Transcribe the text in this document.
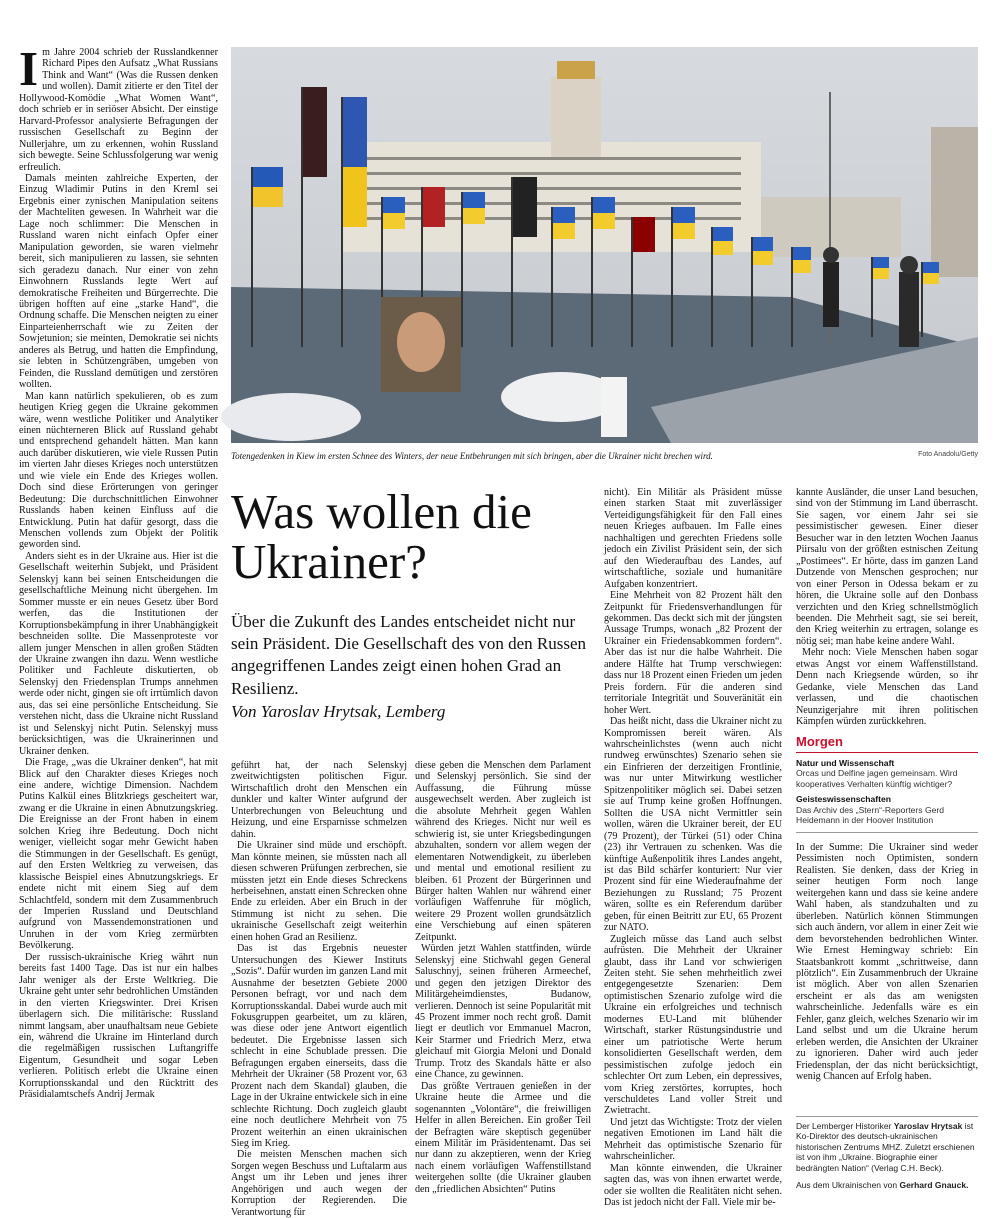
Im Jahre 2004 schrieb der Russlandkenner Richard Pipes den Aufsatz „What Russians Think and Want“ (Was die Russen denken und wollen). Damit zitierte er den Titel der Hollywood-Komödie „What Women Want“, doch schrieb er in seriöser Absicht. Der einstige Harvard-Professor analysierte Befragungen der russischen Gesellschaft zu Beginn der Nullerjahre, um zu erkennen, wohin Russland sich bewegte. Seine Schlussfolgerung war wenig erfreulich.

Damals meinten zahlreiche Experten, der Einzug Wladimir Putins in den Kreml sei Ergebnis einer zynischen Manipulation seitens der Machteliten gewesen. In Wahrheit war die Lage noch schlimmer: Die Menschen in Russland waren nicht einfach Opfer einer Manipulation geworden, sie waren vielmehr bereit, sich manipulieren zu lassen, sie sehnten sich geradezu danach. Nur einer von zehn Einwohnern Russlands legte Wert auf demokratische Freiheiten und Bürgerrechte. Die übrigen hofften auf eine „starke Hand“, die Ordnung schaffe. Die Menschen neigten zu einer Einparteienherrschaft wie zu Zeiten der Sowjetunion; sie meinten, Demokratie sei nichts anderes als Betrug, und hatten die Empfindung, sie lebten in Schützengräben, umgeben von Feinden, die Russland demütigen und zerstören wollten.

Man kann natürlich spekulieren, ob es zum heutigen Krieg gegen die Ukraine gekommen wäre, wenn westliche Politiker und Analytiker einen nüchterneren Blick auf Russland gehabt und entsprechend gehandelt hätten. Man kann auch darüber diskutieren, wie viele Russen Putin im vierten Jahr dieses Krieges noch unterstützen und wie viele ein Ende des Krieges wollen. Doch sind diese Erörterungen von geringer Bedeutung: Die durchschnittlichen Einwohner Russlands haben keinen Einfluss auf die Entwicklung. Putin hat dafür gesorgt, dass die Menschen vollends zum Objekt der Politik geworden sind.

Anders sieht es in der Ukraine aus. Hier ist die Gesellschaft weiterhin Subjekt, und Präsident Selenskyj kann bei seinen Entscheidungen die gesellschaftliche Meinung nicht übergehen. Im Sommer musste er ein neues Gesetz über Bord werfen, das die Institutionen der Korruptionsbekämpfung in ihrer Unabhängigkeit beschneiden sollte. Die Massenproteste vor allem junger Menschen in allen großen Städten der Ukraine zwangen ihn dazu. Wenn westliche Politiker und Fachleute diskutierten, ob Selenskyj den Friedensplan Trumps annehmen werde oder nicht, gingen sie oft irrtümlich davon aus, das sei eine persönliche Entscheidung. Sie verstehen nicht, dass die Ukraine nicht Russland ist und Selenskyj nicht Putin. Selenskyj muss berücksichtigen, was die Ukrainerinnen und Ukrainer denken.

Die Frage, „was die Ukrainer denken“, hat mit Blick auf den Charakter dieses Krieges noch eine andere, wichtige Dimension. Nachdem Putins Kalkül eines Blitzkriegs gescheitert war, zwang er die Ukraine in einen Abnutzungskrieg. Die Ereignisse an der Front haben in einem solchen Krieg ihre Bedeutung. Doch nicht weniger, vielleicht sogar mehr Gewicht haben die Stimmungen in der Gesellschaft. Es genügt, auf den Ersten Weltkrieg zu verweisen, das klassische Beispiel eines Abnutzungskriegs. Er endete nicht mit einem Sieg auf dem Schlachtfeld, sondern mit dem Zusammenbruch der Imperien Russland und Deutschland aufgrund von Massendemonstrationen und Unruhen in der vom Krieg zermürbten Bevölkerung.

Der russisch-ukrainische Krieg währt nun bereits fast 1400 Tage. Das ist nur ein halbes Jahr weniger als der Erste Weltkrieg. Die Ukraine geht unter sehr bedrohlichen Umständen in den vierten Kriegswinter. Drei Krisen überlagern sich. Die militärische: Russland nimmt langsam, aber unaufhaltsam neue Gebiete ein, während die Ukraine im Hinterland durch die regelmäßigen russischen Luftangriffe Eigentum, Gesundheit und sogar Leben verlieren. Politisch erlebt die Ukraine einen Korruptionsskandal und den Rücktritt des Präsidialamtschefs Andrij Jermak

Totengedenken in Kiew im ersten Schnee des Winters, der neue Entbehrungen mit sich bringen, aber die Ukrainer nicht brechen wird.	Foto Anadolu/Getty
Was wollen die Ukrainer?

Über die Zukunft des Landes entscheidet nicht nur sein Präsident. Die Gesellschaft des von den Russen angegriffenen Landes zeigt einen hohen Grad an Resilienz.

Von Yaroslav Hrytsak, Lemberg

geführt hat, der nach Selenskyj zweitwichtigsten politischen Figur. Wirtschaftlich droht den Menschen ein dunkler und kalter Winter aufgrund der Unterbrechungen von Beleuchtung und Heizung, und eine Ersparnisse schmelzen dahin.

Die Ukrainer sind müde und erschöpft. Man könnte meinen, sie müssten nach all diesen schweren Prüfungen zerbrechen, sie müssten jetzt ein Ende dieses Schreckens herbeisehnen, anstatt einen Schrecken ohne Ende zu erleiden. Aber ein Bruch in der Stimmung ist nicht zu sehen. Die ukrainische Gesellschaft zeigt weiterhin einen hohen Grad an Resilienz.

Das ist das Ergebnis neuester Untersuchungen des Kiewer Instituts „Sozis“. Dafür wurden im ganzen Land mit Ausnahme der besetzten Gebiete 2000 Personen befragt, vor und nach dem Korruptionsskandal. Dabei wurde auch mit Fokusgruppen gearbeitet, um zu klären, was diese oder jene Antwort eigentlich bedeutet. Die Ergebnisse lassen sich schlecht in eine Schublade pressen. Die Befragungen ergaben einerseits, dass die Mehrheit der Ukrainer (58 Prozent vor, 63 Prozent nach dem Skandal) glauben, die Lage in der Ukraine entwickele sich in eine schlechte Richtung. Doch zugleich glaubt eine noch deutlichere Mehrheit von 75 Prozent weiterhin an einen ukrainischen Sieg im Krieg.

Die meisten Menschen machen sich Sorgen wegen Beschuss und Luftalarm aus Angst um ihr Leben und jenes ihrer Angehörigen und auch wegen der Korruption der Regierenden. Die Verantwortung für

diese geben die Menschen dem Parlament und Selenskyj persönlich. Sie sind der Auffassung, die Führung müsse ausgewechselt werden. Aber zugleich ist die absolute Mehrheit gegen Wahlen während des Krieges. Nicht nur weil es schwierig ist, sie unter Kriegsbedingungen abzuhalten, sondern vor allem wegen der elementaren Notwendigkeit, zu überleben und mental und emotional resilient zu bleiben. 61 Prozent der Bürgerinnen und Bürger halten Wahlen nur während einer vorläufigen Waffenruhe für möglich, weitere 29 Prozent wollen grundsätzlich eine Verschiebung auf einen späteren Zeitpunkt.

Würden jetzt Wahlen stattfinden, würde Selenskyj eine Stichwahl gegen General Saluschnyj, seinen früheren Armeechef, und gegen den jetzigen Direktor des Militärgeheimdienstes, Budanow, verlieren. Dennoch ist seine Popularität mit 45 Prozent immer noch recht groß. Damit liegt er deutlich vor Emmanuel Macron, Keir Starmer und Friedrich Merz, etwa gleichauf mit Giorgia Meloni und Donald Trump. Trotz des Skandals hätte er also eine Chance, zu gewinnen.

Das größte Vertrauen genießen in der Ukraine heute die Armee und die sogenannten „Volontäre“, die freiwilligen Helfer in allen Bereichen. Ein großer Teil der Befragten wäre skeptisch gegenüber einem Militär im Präsidentenamt. Das sei nur dann zu akzeptieren, wenn der Krieg nach einem vorläufigen Waffenstillstand weitergehen sollte (die Ukrainer glauben den „friedlichen Absichten“ Putins

nicht). Ein Militär als Präsident müsse einen starken Staat mit zuverlässiger Verteidigungsfähigkeit für den Fall eines neuen Krieges aufbauen. Im Falle eines nachhaltigen und gerechten Friedens solle jedoch ein Zivilist Präsident sein, der sich auf den Wiederaufbau des Landes, auf wirtschaftliche, soziale und humanitäre Aufgaben konzentriert.

Eine Mehrheit von 82 Prozent hält den Zeitpunkt für Friedensverhandlungen für gekommen. Das deckt sich mit der jüngsten Aussage Trumps, wonach „82 Prozent der Ukrainer ein Friedensabkommen fordern“. Aber das ist nur die halbe Wahrheit. Die andere Hälfte hat Trump verschwiegen: dass nur 18 Prozent einen Frieden um jeden Preis fordern. Für die anderen sind territoriale Integrität und Souveränität ein hoher Wert.

Das heißt nicht, dass die Ukrainer nicht zu Kompromissen bereit wären. Als wahrscheinlichstes (wenn auch nicht rundweg erwünschtes) Szenario sehen sie ein Einfrieren der derzeitigen Frontlinie, was nur unter Mitwirkung westlicher Spitzenpolitiker möglich sei. Dabei setzen sie auf Trump keine großen Hoffnungen. Sollten die USA nicht Vermittler sein wollen, wären die Ukrainer bereit, der EU (79 Prozent), der Türkei (51) oder China (23) ihr Vertrauen zu schenken. Was die künftige Außenpolitik ihres Landes angeht, ist das Bild schärfer konturiert: Nur vier Prozent sind für eine Wiederaufnahme der Beziehungen zu Russland; 75 Prozent wären, sollte es ein Referendum darüber geben, für einen Beitritt zur EU, 65 Prozent zur NATO.

Zugleich müsse das Land auch selbst aufrüsten. Die Mehrheit der Ukrainer glaubt, dass ihr Land vor schwierigen Zeiten steht. Sie sehen mehrheitlich zwei entgegengesetzte Szenarien: Dem optimistischen Szenario zufolge wird die Ukraine ein erfolgreiches und technisch modernes EU-Land mit blühender Wirtschaft, starker Rüstungsindustrie und einer um patriotische Werte herum konsolidierten Gesellschaft werden, dem pessimistischen zufolge jedoch ein schlechter Ort zum Leben, ein depressives, vom Krieg zerstörtes, korruptes, hoch verschuldetes Land voller Streit und Zwietracht.

Und jetzt das Wichtigste: Trotz der vielen negativen Emotionen im Land hält die Mehrheit das optimistische Szenario für wahrscheinlicher.

Man könnte einwenden, die Ukrainer sagten das, was von ihnen erwartet werde, oder sie wollten die Realitäten nicht sehen. Das ist jedoch nicht der Fall. Viele mir be-

kannte Ausländer, die unser Land besuchen, sind von der Stimmung im Land überrascht. Sie sagen, vor einem Jahr sei sie pessimistischer gewesen. Einer dieser Besucher war in den letzten Wochen Jaanus Piirsalu von der größten estnischen Zeitung „Postimees“. Er hörte, dass im ganzen Land Dutzende von Menschen gesprochen; nur von einer Person in Odessa bekam er zu hören, die Ukraine solle auf den Donbass verzichten und den Krieg schnellstmöglich beenden. Die Mehrheit sagt, sie sei bereit, den Krieg weiterhin zu ertragen, solange es nötig sei; man habe keine andere Wahl.

Mehr noch: Viele Menschen haben sogar etwas Angst vor einem Waffenstillstand. Denn nach Kriegsende würden, so ihr Gedanke, viele Menschen das Land verlassen, und die chaotischen Neunzigerjahre mit ihren politischen Kämpfen würden zurückkehren.

Morgen
Natur und Wissenschaft
Orcas und Delfine jagen gemeinsam. Wird kooperatives Verhalten künftig wichtiger?
Geisteswissenschaften
Das Archiv des „Stern“-Reporters Gerd Heidemann in der Hoover Institution

In der Summe: Die Ukrainer sind weder Pessimisten noch Optimisten, sondern Realisten. Sie denken, dass der Krieg in seiner heutigen Form noch lange weitergehen kann und dass sie keine andere Wahl haben, als standzuhalten und zu überleben. Natürlich können Stimmungen sich auch ändern, vor allem in einer Zeit wie dem bevorstehenden bedrohlichen Winter. Wie Ernest Hemingway schrieb: Ein Staatsbankrott kommt „schrittweise, dann plötzlich“. Ein Zusammenbruch der Ukraine ist möglich. Aber von allen Szenarien erscheint er als das am wenigsten wahrscheinliche. Jedenfalls wäre es ein Fehler, ganz gleich, welches Szenario wir im Land selbst und um die Ukraine herum erleben werden, die Ansichten der Ukrainer zu ignorieren. Daher wird auch jeder Friedensplan, der das nicht berücksichtigt, wenig Chancen auf Erfolg haben.

Der Lemberger Historiker Yaroslav Hrytsak ist Ko-Direktor des deutsch-ukrainischen historischen Zentrums MHZ. Zuletzt erschienen ist von ihm „Ukraine. Biographie einer bedrängten Nation“ (Verlag C.H. Beck).
Aus dem Ukrainischen von Gerhard Gnauck.
